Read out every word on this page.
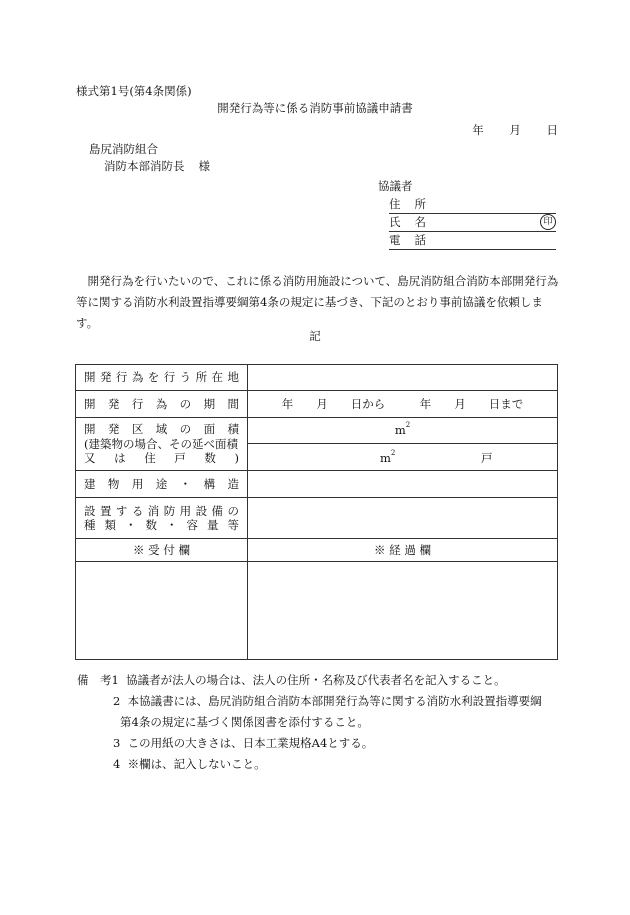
様式第1号(第4条関係)
開発行為等に係る消防事前協議申請書
年 月 日
島尻消防組合
消防本部消防長 様
協議者
住所
氏名	印
電話
開発行為を行いたいので、これに係る消防用施設について、島尻消防組合消防本部開発行為等に関する消防水利設置指導要綱第4条の規定に基づき、下記のとおり事前協議を依頼します。
記
開発行為を行う所在地	
開発行為の期間	年　　月　　日から　　　年　　月　　日まで

開発区域の面積
(建築物の場合、その延べ面積
又は住戸数)	$m^2$

	$m^2$ 戸

建物用途・構造	

設置する消防用設備の
種類・数・容量等	

※ 受 付 欄	※ 経 過 欄

備　考1 協議者が法人の場合は、法人の住所・名称及び代表者名を記入すること。
2 本協議書には、島尻消防組合消防本部開発行為等に関する消防水利設置指導要綱
第4条の規定に基づく関係図書を添付すること。
3 この用紙の大きさは、日本工業規格A4とする。
4 ※欄は、記入しないこと。
